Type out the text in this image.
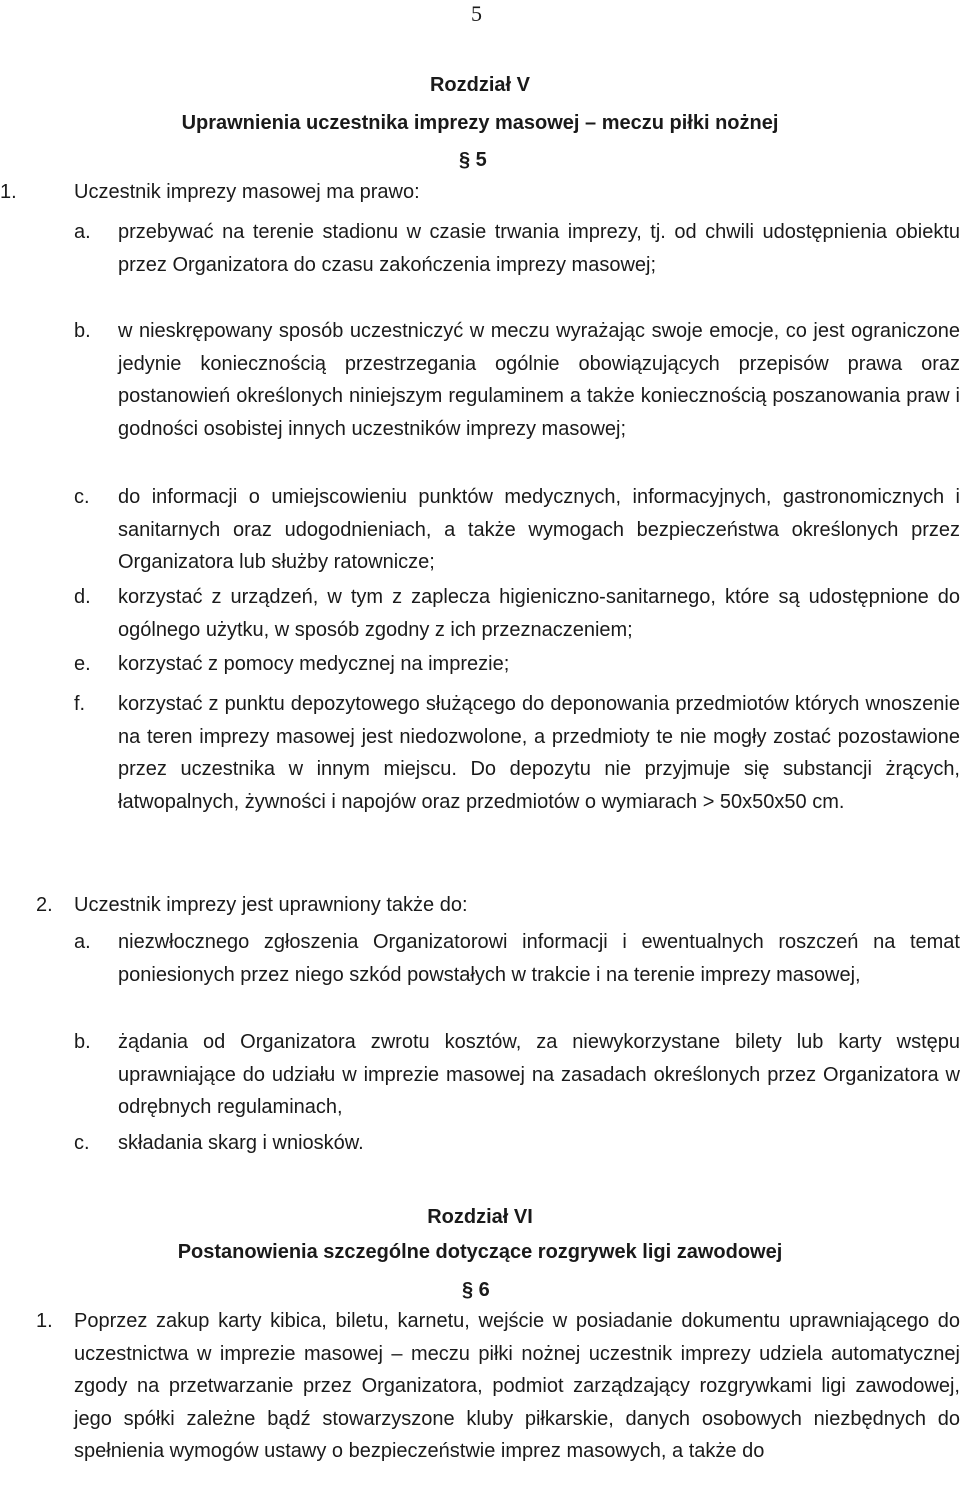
5
Rozdział V
Uprawnienia uczestnika imprezy masowej – meczu piłki nożnej
§ 5
1.	Uczestnik imprezy masowej ma prawo:

a. przebywać na terenie stadionu w czasie trwania imprezy, tj. od chwili udostępnienia obiektu przez Organizatora do czasu zakończenia imprezy masowej;

b. w nieskrępowany sposób uczestniczyć w meczu wyrażając swoje emocje, co jest ograniczone jedynie koniecznością przestrzegania ogólnie obowiązujących przepisów prawa oraz postanowień określonych niniejszym regulaminem a także koniecznością poszanowania praw i godności osobistej innych uczestników imprezy masowej;

c. do informacji o umiejscowieniu punktów medycznych, informacyjnych, gastronomicznych i sanitarnych oraz udogodnieniach, a także wymogach bezpieczeństwa określonych przez Organizatora lub służby ratownicze;

d. korzystać z urządzeń, w tym z zaplecza higieniczno-sanitarnego, które są udostępnione do ogólnego użytku, w sposób zgodny z ich przeznaczeniem;

e. korzystać z pomocy medycznej na imprezie;

f. korzystać z punktu depozytowego służącego do deponowania przedmiotów których wnoszenie na teren imprezy masowej jest niedozwolone, a przedmioty te nie mogły zostać pozostawione przez uczestnika w innym miejscu. Do depozytu nie przyjmuje się substancji żrących, łatwopalnych, żywności i napojów oraz przedmiotów o wymiarach > 50x50x50 cm.

2. Uczestnik imprezy jest uprawniony także do:

a. niezwłocznego zgłoszenia Organizatorowi informacji i ewentualnych roszczeń na temat poniesionych przez niego szkód powstałych w trakcie i na terenie imprezy masowej,

b. żądania od Organizatora zwrotu kosztów, za niewykorzystane bilety lub karty wstępu uprawniające do udziału w imprezie masowej na zasadach określonych przez Organizatora w odrębnych regulaminach,

c. składania skarg i wniosków.

Rozdział VI
Postanowienia szczególne dotyczące rozgrywek ligi zawodowej
§ 6
1. Poprzez zakup karty kibica, biletu, karnetu, wejście w posiadanie dokumentu uprawniającego do uczestnictwa w imprezie masowej – meczu piłki nożnej uczestnik imprezy udziela automatycznej zgody na przetwarzanie przez Organizatora, podmiot zarządzający rozgrywkami ligi zawodowej, jego spółki zależne bądź stowarzyszone kluby piłkarskie, danych osobowych niezbędnych do spełnienia wymogów ustawy o bezpieczeństwie imprez masowych, a także do
